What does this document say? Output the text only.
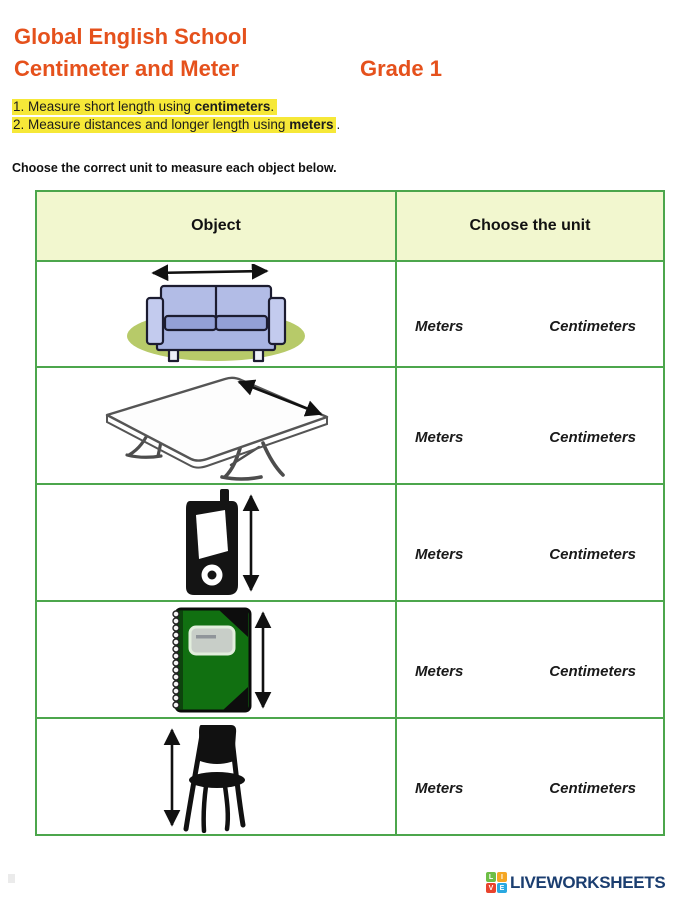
Global English School
Centimeter and Meter	Grade 1
1. Measure short length using centimeters.
2. Measure distances and longer length using meters .

Choose the correct unit to measure each object below.

Object	Choose the unit
Meters	Centimeters
Meters	Centimeters
Meters	Centimeters
Meters	Centimeters
Meters	Centimeters
L	I
V E LIVEWORKSHEETS
